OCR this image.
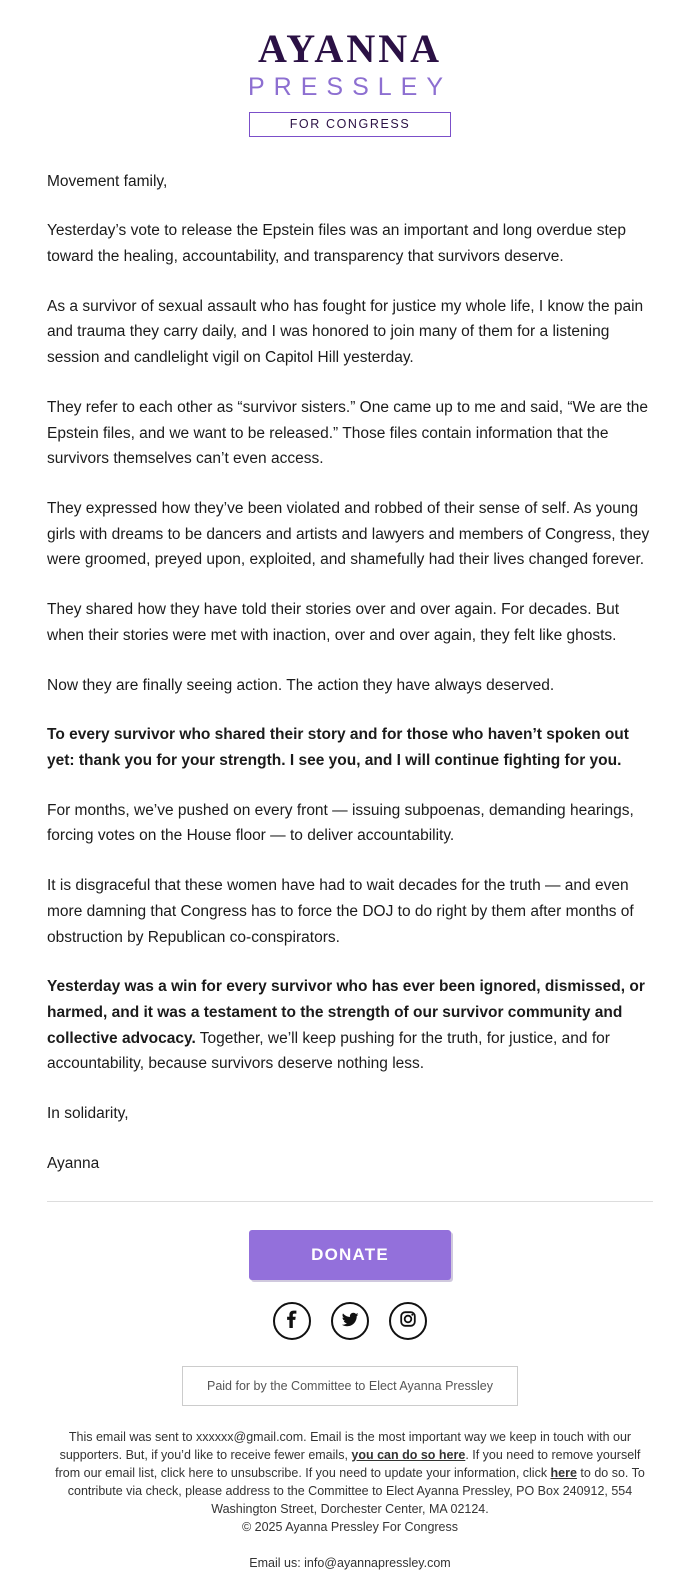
AYANNA
PRESSLEY
FOR CONGRESS

Movement family,

Yesterday’s vote to release the Epstein files was an important and long overdue step toward the healing, accountability, and transparency that survivors deserve.

As a survivor of sexual assault who has fought for justice my whole life, I know the pain and trauma they carry daily, and I was honored to join many of them for a listening session and candlelight vigil on Capitol Hill yesterday.

They refer to each other as “survivor sisters.” One came up to me and said, “We are the Epstein files, and we want to be released.” Those files contain information that the survivors themselves can’t even access.

They expressed how they’ve been violated and robbed of their sense of self. As young girls with dreams to be dancers and artists and lawyers and members of Congress, they were groomed, preyed upon, exploited, and shamefully had their lives changed forever.

They shared how they have told their stories over and over again. For decades. But when their stories were met with inaction, over and over again, they felt like ghosts.

Now they are finally seeing action. The action they have always deserved.

To every survivor who shared their story and for those who haven’t spoken out yet: thank you for your strength. I see you, and I will continue fighting for you.

For months, we’ve pushed on every front — issuing subpoenas, demanding hearings, forcing votes on the House floor — to deliver accountability.

It is disgraceful that these women have had to wait decades for the truth — and even more damning that Congress has to force the DOJ to do right by them after months of obstruction by Republican co-conspirators.

Yesterday was a win for every survivor who has ever been ignored, dismissed, or harmed, and it was a testament to the strength of our survivor community and collective advocacy. Together, we’ll keep pushing for the truth, for justice, and for accountability, because survivors deserve nothing less.

In solidarity,

Ayanna

DONATE

Paid for by the Committee to Elect Ayanna Pressley
This email was sent to xxxxxx@gmail.com. Email is the most important way we keep in touch with our supporters. But, if you’d like to receive fewer emails, you can do so here. If you need to remove yourself from our email list, click here to unsubscribe. If you need to update your information, click here to do so. To contribute via check, please address to the Committee to Elect Ayanna Pressley, PO Box 240912, 554 Washington Street, Dorchester Center, MA 02124.
© 2025 Ayanna Pressley For Congress
Email us: info@ayannapressley.com
